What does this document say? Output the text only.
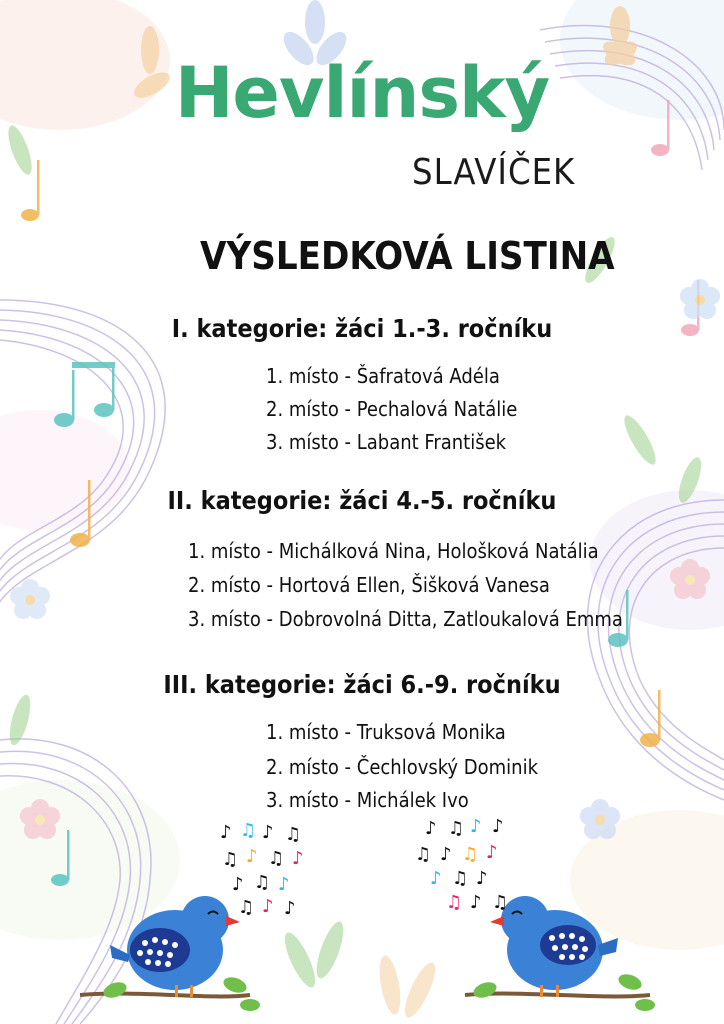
♪ ♫ ♪ ♫
♫ ♪ ♫ ♪
♪ ♫ ♪
♫ ♪ ♪
♪ ♫ ♪ ♪
♫ ♪ ♫ ♪
♪ ♫ ♪
♫ ♪ ♫
Hevlínský
SLAVÍČEK
VÝSLEDKOVÁ LISTINA
I. kategorie: žáci 1.-3. ročníku
1. místo - Šafratová Adéla
2. místo - Pechalová Natálie
3. místo - Labant František
II. kategorie: žáci 4.-5. ročníku
1. místo - Michálková Nina, Hološková Natália
2. místo - Hortová Ellen, Šišková Vanesa
3. místo - Dobrovolná Ditta, Zatloukalová Emma
III. kategorie: žáci 6.-9. ročníku
1. místo - Truksová Monika
2. místo - Čechlovský Dominik
3. místo - Michálek Ivo
